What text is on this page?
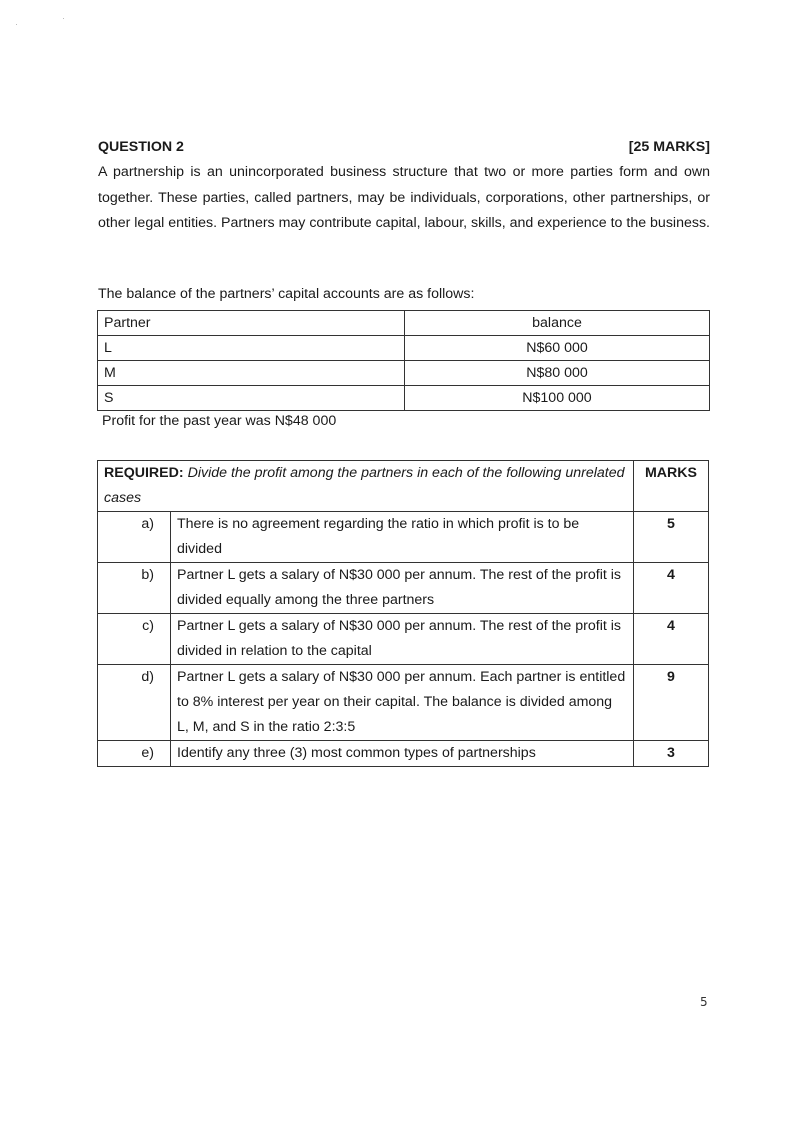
QUESTION 2	[25 MARKS]
A partnership is an unincorporated business structure that two or more parties form and own together. These parties, called partners, may be individuals, corporations, other partnerships, or other legal entities. Partners may contribute capital, labour, skills, and experience to the business.
The balance of the partners’ capital accounts are as follows:
Partner	balance
L	N$60 000
M	N$80 000
S	N$100 000
Profit for the past year was N$48 000
REQUIRED: Divide the profit among the partners in each of the following unrelated cases		MARKS
a)	There is no agreement regarding the ratio in which profit is to be divided	5
b)	Partner L gets a salary of N$30 000 per annum. The rest of the profit is divided equally among the three partners	4
c)	Partner L gets a salary of N$30 000 per annum. The rest of the profit is divided in relation to the capital	4
d)	Partner L gets a salary of N$30 000 per annum. Each partner is entitled to 8% interest per year on their capital. The balance is divided among L, M, and S in the ratio 2:3:5	9
e)	Identify any three (3) most common types of partnerships	3
5
